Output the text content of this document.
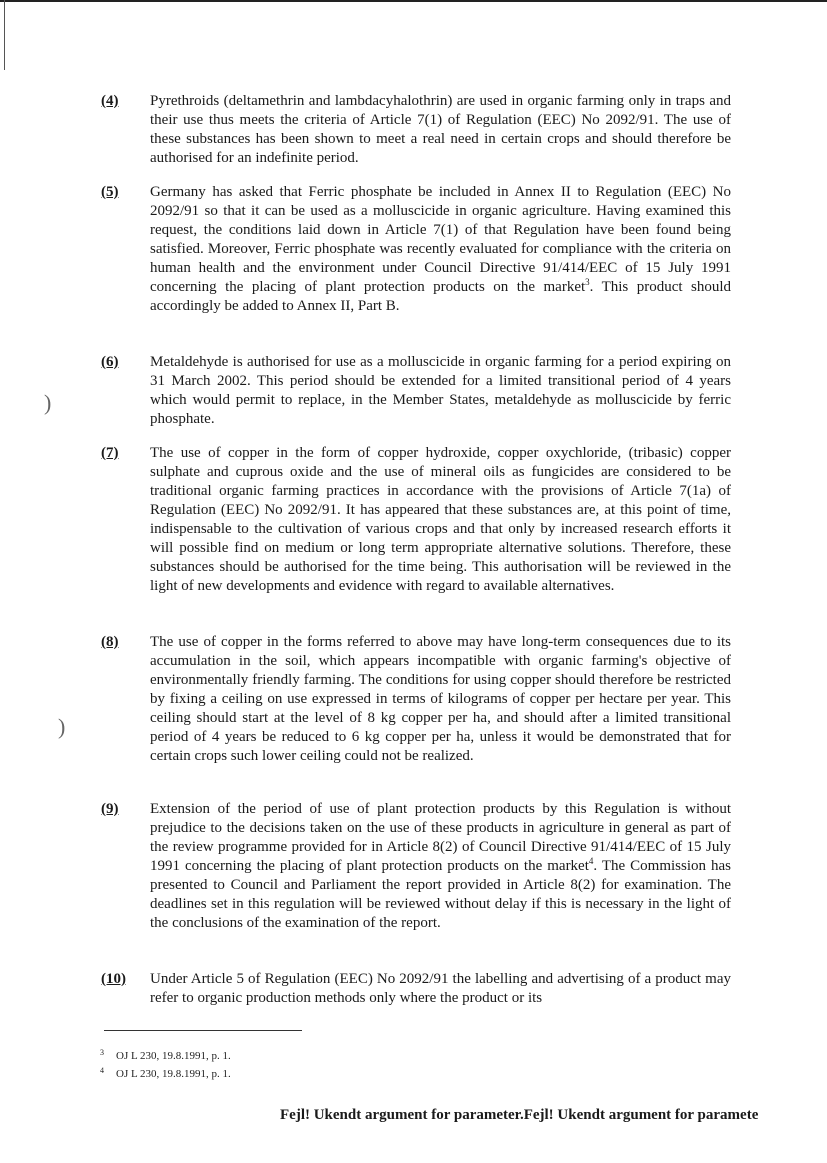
)
)
(4)	Pyrethroids (deltamethrin and lambdacyhalothrin) are used in organic farming only in traps and their use thus meets the criteria of Article 7(1) of Regulation (EEC) No 2092/91. The use of these substances has been shown to meet a real need in certain crops and should therefore be authorised for an indefinite period.
(5)	Germany has asked that Ferric phosphate be included in Annex II to Regulation (EEC) No 2092/91 so that it can be used as a molluscicide in organic agriculture. Having examined this request, the conditions laid down in Article 7(1) of that Regulation have been found being satisfied. Moreover, Ferric phosphate was recently evaluated for compliance with the criteria on human health and the environment under Council Directive 91/414/EEC of 15 July 1991 concerning the placing of plant protection products on the market$^3$. This product should accordingly be added to Annex II, Part B.
(6)	Metaldehyde is authorised for use as a molluscicide in organic farming for a period expiring on 31 March 2002. This period should be extended for a limited transitional period of 4 years which would permit to replace, in the Member States, metaldehyde as molluscicide by ferric phosphate.
(7)	The use of copper in the form of copper hydroxide, copper oxychloride, (tribasic) copper sulphate and cuprous oxide and the use of mineral oils as fungicides are considered to be traditional organic farming practices in accordance with the provisions of Article 7(1a) of Regulation (EEC) No 2092/91. It has appeared that these substances are, at this point of time, indispensable to the cultivation of various crops and that only by increased research efforts it will possible find on medium or long term appropriate alternative solutions. Therefore, these substances should be authorised for the time being. This authorisation will be reviewed in the light of new developments and evidence with regard to available alternatives.
(8)	The use of copper in the forms referred to above may have long-term consequences due to its accumulation in the soil, which appears incompatible with organic farming's objective of environmentally friendly farming. The conditions for using copper should therefore be restricted by fixing a ceiling on use expressed in terms of kilograms of copper per hectare per year. This ceiling should start at the level of 8 kg copper per ha, and should after a limited transitional period of 4 years be reduced to 6 kg copper per ha, unless it would be demonstrated that for certain crops such lower ceiling could not be realized.
(9)	Extension of the period of use of plant protection products by this Regulation is without prejudice to the decisions taken on the use of these products in agriculture in general as part of the review programme provided for in Article 8(2) of Council Directive 91/414/EEC of 15 July 1991 concerning the placing of plant protection products on the market$^4$. The Commission has presented to Council and Parliament the report provided in Article 8(2) for examination. The deadlines set in this regulation will be reviewed without delay if this is necessary in the light of the conclusions of the examination of the report.
(10)	Under Article 5 of Regulation (EEC) No 2092/91 the labelling and advertising of a product may refer to organic production methods only where the product or its
3 OJ L 230, 19.8.1991, p. 1.
4 OJ L 230, 19.8.1991, p. 1.
Fejl! Ukendt argument for parameter.Fejl! Ukendt argument for paramete
